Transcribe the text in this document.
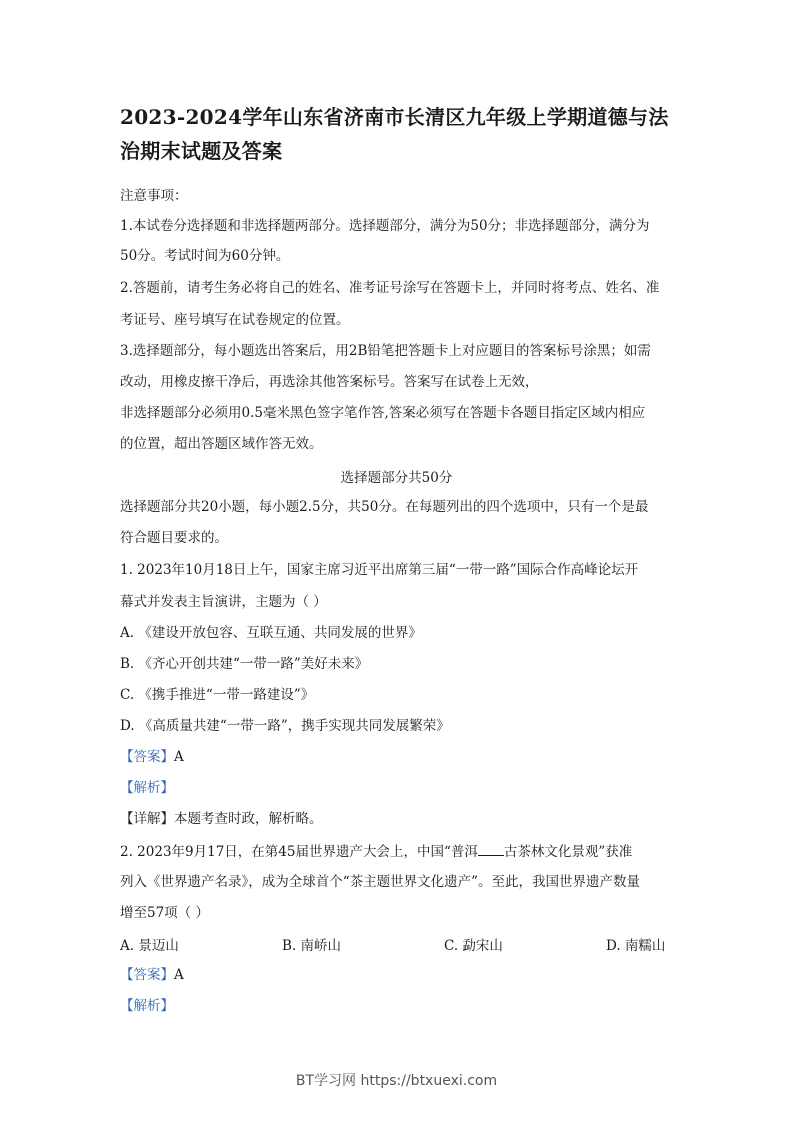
2023-2024学年山东省济南市长清区九年级上学期道德与法
治期末试题及答案
注意事项：
1.本试卷分选择题和非选择题两部分。选择题部分，满分为50分；非选择题部分，满分为
50分。考试时间为60分钟。
2.答题前，请考生务必将自己的姓名、准考证号涂写在答题卡上，并同时将考点、姓名、准
考证号、座号填写在试卷规定的位置。
3.选择题部分，每小题选出答案后，用2B铅笔把答题卡上对应题目的答案标号涂黑；如需
改动，用橡皮擦干净后，再选涂其他答案标号。答案写在试卷上无效，
非选择题部分必须用0.5毫米黑色签字笔作答,答案必须写在答题卡各题目指定区域内相应
的位置，超出答题区域作答无效。
选择题部分共50分
选择题部分共20小题，每小题2.5分，共50分。在每题列出的四个选项中，只有一个是最
符合题目要求的。
1. 2023年10月18日上午，国家主席习近平出席第三届“一带一路”国际合作高峰论坛开
幕式并发表主旨演讲，主题为（ ）
A. 《建设开放包容、互联互通、共同发展的世界》
B. 《齐心开创共建“一带一路”美好未来》
C. 《携手推进“一带一路建设”》
D. 《高质量共建“一带一路”，携手实现共同发展繁荣》
【答案】A
【解析】
【详解】本题考查时政，解析略。
2. 2023年9月17日，在第45届世界遗产大会上，中国“普洱 古茶林文化景观”获准
列入《世界遗产名录》，成为全球首个“茶主题世界文化遗产”。至此，我国世界遗产数量
增至57项（ ）
A. 景迈山	B. 南峤山	C. 勐宋山	D. 南糯山
【答案】A
【解析】
BT学习网 https://btxuexi.com
